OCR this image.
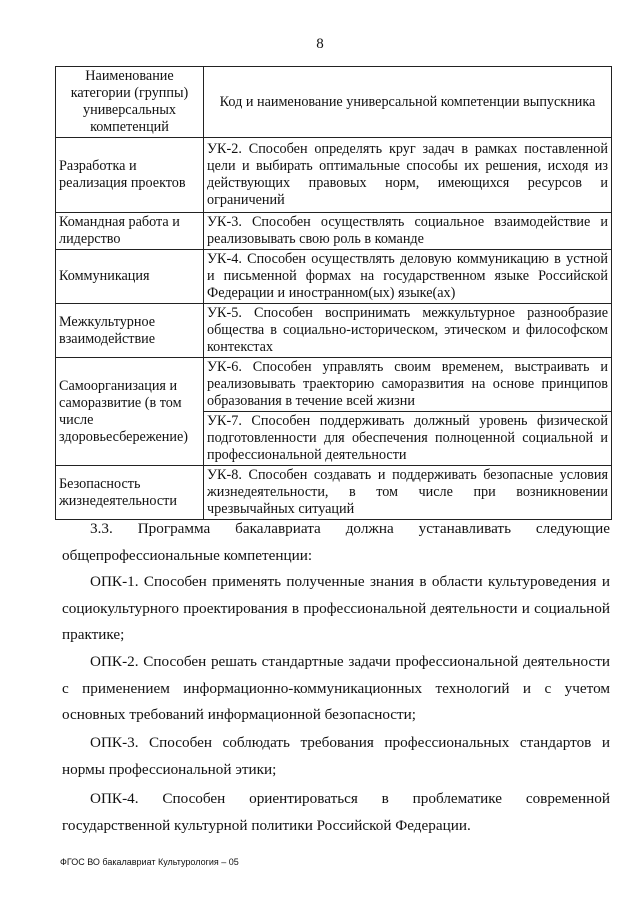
8
Наименование категории (группы) универсальных компетенций	Код и наименование универсальной компетенции выпускника
Разработка и реализация проектов	УК-2. Способен определять круг задач в рамках поставленной цели и выбирать оптимальные способы их решения, исходя из действующих правовых норм, имеющихся ресурсов и ограничений
Командная работа и лидерство	УК-3. Способен осуществлять социальное взаимодействие и реализовывать свою роль в команде
Коммуникация	УК-4. Способен осуществлять деловую коммуникацию в устной и письменной формах на государственном языке Российской Федерации и иностранном(ых) языке(ах)
Межкультурное взаимодействие	УК-5. Способен воспринимать межкультурное разнообразие общества в социально-историческом, этическом и философском контекстах
Самоорганизация и саморазвитие (в том числе здоровьесбережение)	УК-6. Способен управлять своим временем, выстраивать и реализовывать траекторию саморазвития на основе принципов образования в течение всей жизни
	УК-7. Способен поддерживать должный уровень физической подготовленности для обеспечения полноценной социальной и профессиональной деятельности
Безопасность жизнедеятельности	УК-8. Способен создавать и поддерживать безопасные условия жизнедеятельности, в том числе при возникновении чрезвычайных ситуаций

3.3. Программа бакалавриата должна устанавливать следующие общепрофессиональные компетенции:

ОПК-1. Способен применять полученные знания в области культуроведения и социокультурного проектирования в профессиональной деятельности и социальной практике;

ОПК-2. Способен решать стандартные задачи профессиональной деятельности с применением информационно-коммуникационных технологий и с учетом основных требований информационной безопасности;

ОПК-3. Способен соблюдать требования профессиональных стандартов и нормы профессиональной этики;

ОПК-4. Способен ориентироваться в проблематике современной государственной культурной политики Российской Федерации.

ФГОС ВО бакалавриат Культурология – 05
